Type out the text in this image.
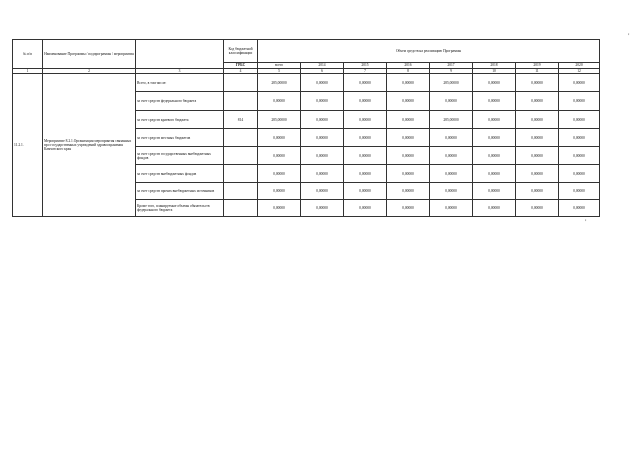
,
,
№ п/п	Наименование Программы / подпрограммы / мероприятия		Код бюджетной классификации	Объем средств на реализацию Программы							
			ГРБС	всего	2014	2015	2016	2017	2018	2019	2020
1	2	3	4	5	6	7	8	9	10	11	12
11.2.1.	Мероприятие 8.2.1.Организация мероприятия связанных про государственных учреждений здравоохранения Камчатского края	Всего, в том числе:		285,00000	0,00000	0,00000	0,00000	285,00000	0,00000	0,00000	0,00000
		за счет средств федерального бюджета		0,00000	0,00000	0,00000	0,00000	0,00000	0,00000	0,00000	0,00000
		за счет средств краевого бюджета	814	285,00000	0,00000	0,00000	0,00000	285,00000	0,00000	0,00000	0,00000
		за счет средств местных бюджетов		0,00000	0,00000	0,00000	0,00000	0,00000	0,00000	0,00000	0,00000
		за счет средств государственных внебюджетных фондов		0,00000	0,00000	0,00000	0,00000	0,00000	0,00000	0,00000	0,00000
		за счет средств внебюджетных фондов		0,00000	0,00000	0,00000	0,00000	0,00000	0,00000	0,00000	0,00000
		за счет средств прочих внебюджетных источников		0,00000	0,00000	0,00000	0,00000	0,00000	0,00000	0,00000	0,00000
		Кроме того, планируемые объемы обязательств федерального бюджета		0,00000	0,00000	0,00000	0,00000	0,00000	0,00000	0,00000	0,00000
